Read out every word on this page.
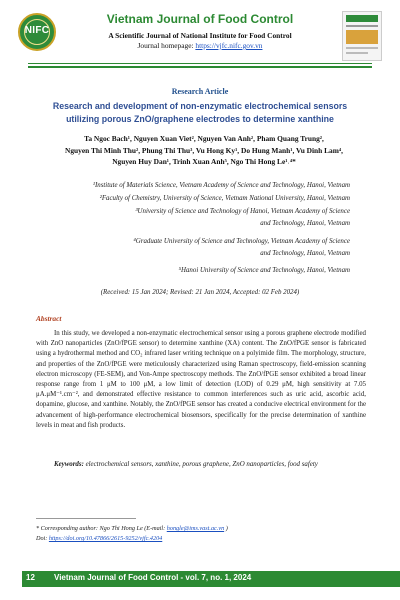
NIFC
Vietnam Journal of Food Control
A Scientific Journal of National Institute for Food Control
Journal homepage: https://vjfc.nifc.gov.vn
Research Article
Research and development of non-enzymatic electrochemical sensors utilizing porous ZnO/graphene electrodes to determine xanthine
Ta Ngoc Bach¹, Nguyen Xuan Viet², Nguyen Van Anh², Pham Quang Trung²,
Nguyen Thi Minh Thu², Phung Thi Thu³, Vu Hong Ky¹, Do Hung Manh¹, Vu Dinh Lam⁴,
Nguyen Huy Dan¹, Trinh Xuan Anh⁵, Ngo Thi Hong Le¹˒⁴*
¹Institute of Materials Science, Vietnam Academy of Science and Technology, Hanoi, Vietnam
²Faculty of Chemistry, University of Science, Vietnam National University, Hanoi, Vietnam
³University of Science and Technology of Hanoi, Vietnam Academy of Science
and Technology, Hanoi, Vietnam
⁴Graduate University of Science and Technology, Vietnam Academy of Science
and Technology, Hanoi, Vietnam
⁵Hanoi University of Science and Technology, Hanoi, Vietnam
(Received: 15 Jan 2024; Revised: 21 Jan 2024, Accepted: 02 Feb 2024)
Abstract
In this study, we developed a non-enzymatic electrochemical sensor using a porous graphene electrode modified with ZnO nanoparticles (ZnO/fPGE sensor) to determine xanthine (XA) content. The ZnO/fPGE sensor is fabricated using a hydrothermal method and CO₂ infrared laser writing technique on a polyimide film. The morphology, structure, and properties of the ZnO/fPGE were meticulously characterized using Raman spectroscopy, field-emission scanning electron microscopy (FE-SEM), and Von-Ampe spectroscopy methods. The ZnO/fPGE sensor exhibited a broad linear response range from 1 μM to 100 μM, a low limit of detection (LOD) of 0.29 μM, high sensitivity at 7.05 μA.μM⁻¹.cm⁻², and demonstrated effective resistance to common interferences such as uric acid, ascorbic acid, dopamine, glucose, and xanthine. Notably, the ZnO/fPGE sensor has created a conducive electrical environment for the advancement of high-performance electrochemical biosensors, specifically for the precise determination of xanthine levels in meat and fish products.
Keywords: electrochemical sensors, xanthine, porous graphene, ZnO nanoparticles, food safety
* Corresponding author: Ngo Thi Hong Le (E-mail: hongle@ims.vast.ac.vn )
Doi: https://doi.org/10.47866/2615-9252/vjfc.4204
12 Vietnam Journal of Food Control - vol. 7, no. 1, 2024
